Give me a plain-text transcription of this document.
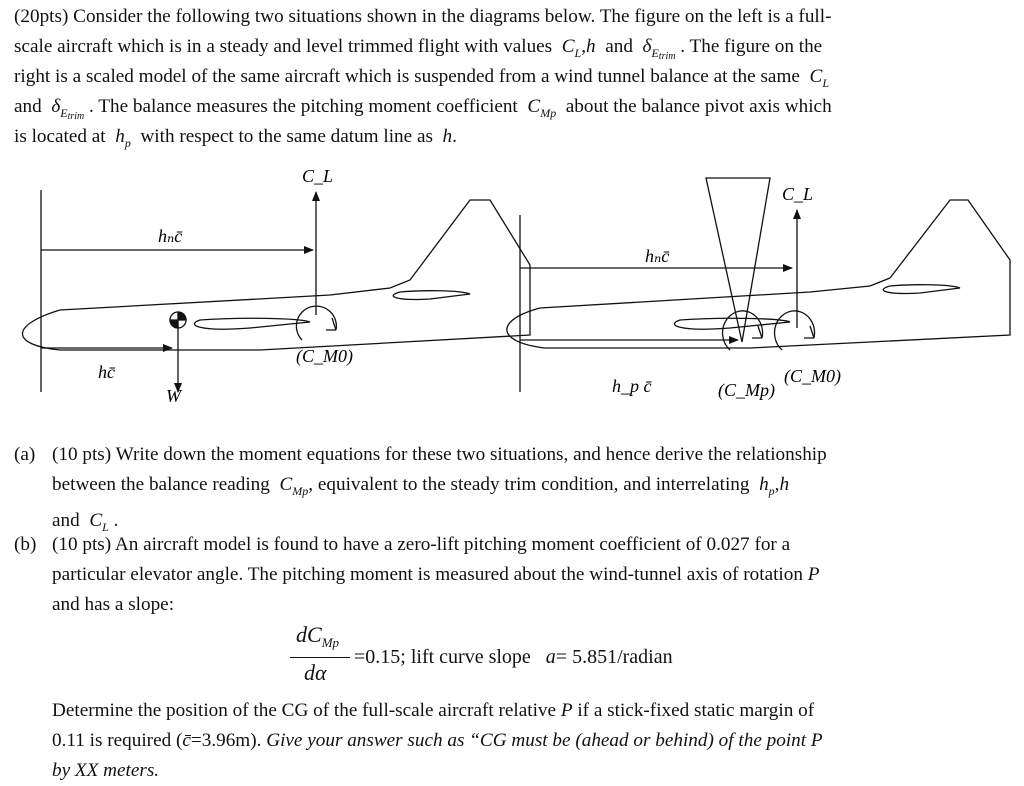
(20pts) Consider the following two situations shown in the diagrams below. The figure on the left is a full-
scale aircraft which is in a steady and level trimmed flight with values $C_L,h$ and $\delta_{Etrim}$ . The figure on the
right is a scaled model of the same aircraft which is suspended from a wind tunnel balance at the same $C_L$
and $\delta_{Etrim}$ . The balance measures the pitching moment coefficient $C_{Mp}$ about the balance pivot axis which
is located at $h_p$ with respect to the same datum line as h.
C_L
hₙc̄
hc̄
W
(C_M0)
C_L
hₙc̄
h_p c̄	(C_Mp)
(C_M0)
(a) (10 pts) Write down the moment equations for these two situations, and hence derive the relationship
between the balance reading $C_{Mp}$, equivalent to the steady trim condition, and interrelating $h_p,h$
and $C_L$ .
(b) (10 pts) An aircraft model is found to have a zero-lift pitching moment coefficient of 0.027 for a
particular elevator angle. The pitching moment is measured about the wind-tunnel axis of rotation P
and has a slope:
$dC_{Mp}$
dα
=0.15; lift curve slope a= 5.851/radian
Determine the position of the CG of the full-scale aircraft relative P if a stick-fixed static margin of
0.11 is required (c̄=3.96m). Give your answer such as “CG must be (ahead or behind) of the point P
by XX meters.
